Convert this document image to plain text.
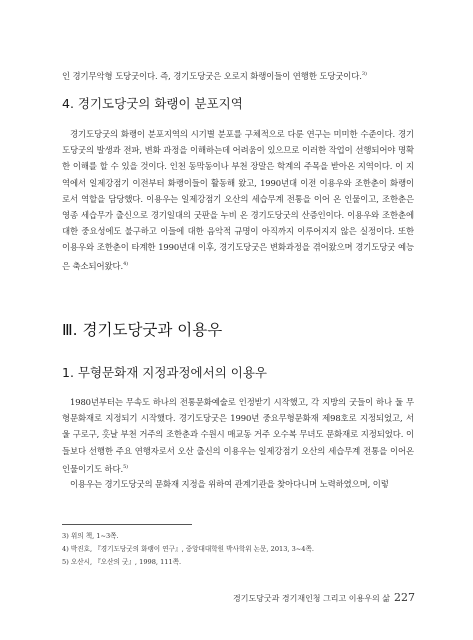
인 경기무악형 도당굿이다. 즉, 경기도당굿은 오로지 화랭이들이 연행한 도당굿이다.$^{3)}$

4. 경기도당굿의 화랭이 분포지역

경기도당굿의 화랭이 분포지역의 시기별 분포를 구체적으로 다룬 연구는 미미한 수준이다. 경기도당굿의 발생과 전파, 변화 과정을 이해하는데 어려움이 있으므로 이러한 작업이 선행되어야 명확한 이해를 할 수 있을 것이다. 인천 동막동이나 부천 장말은 학계의 주목을 받아온 지역이다. 이 지역에서 일제강점기 이전부터 화랭이들이 활동해 왔고, 1990년대 이전 이용우와 조한춘이 화랭이로서 역할을 담당했다. 이용우는 일제강점기 오산의 세습무계 전통을 이어 온 인물이고, 조한춘은 영종 세습무가 출신으로 경기일대의 굿판을 누비 온 경기도당굿의 산증인이다. 이용우와 조한춘에 대한 중요성에도 불구하고 이들에 대한 음악적 규명이 아직까지 이루어지지 않은 실정이다. 또한 이용우와 조한춘이 타계한 1990년대 이후, 경기도당굿은 변화과정을 겪어왔으며 경기도당굿 예능은 축소되어왔다.$^{4)}$

Ⅲ. 경기도당굿과 이용우
1. 무형문화재 지정과정에서의 이용우

1980년부터는 무속도 하나의 전통문화예술로 인정받기 시작했고, 각 지방의 굿들이 하나 둘 무형문화재로 지정되기 시작했다. 경기도당굿은 1990년 중요무형문화재 제98호로 지정되었고, 서울 구로구, 홋날 부천 거주의 조한춘과 수원시 매교동 거주 오수복 무녀도 문화재로 지정되었다. 이들보다 선행한 주요 연행자로서 오산 출신의 이용우는 일제강점기 오산의 세습무계 전통을 이어온 인물이기도 하다.$^{5)}$

이용우는 경기도당굿의 문화재 지정을 위하여 관계기관을 찾아다니며 노력하였으며, 이렇

3) 위의 책, 1~3쪽.

4) 박진호, 『경기도당굿의 화랭이 연구』, 중앙대대학원 박사학위 논문, 2013, 3~4쪽.

5) 오산시, 『오산의 굿』, 1998, 111쪽.

경기도당굿과 경기재인청 그리고 이용우의 삶 227
